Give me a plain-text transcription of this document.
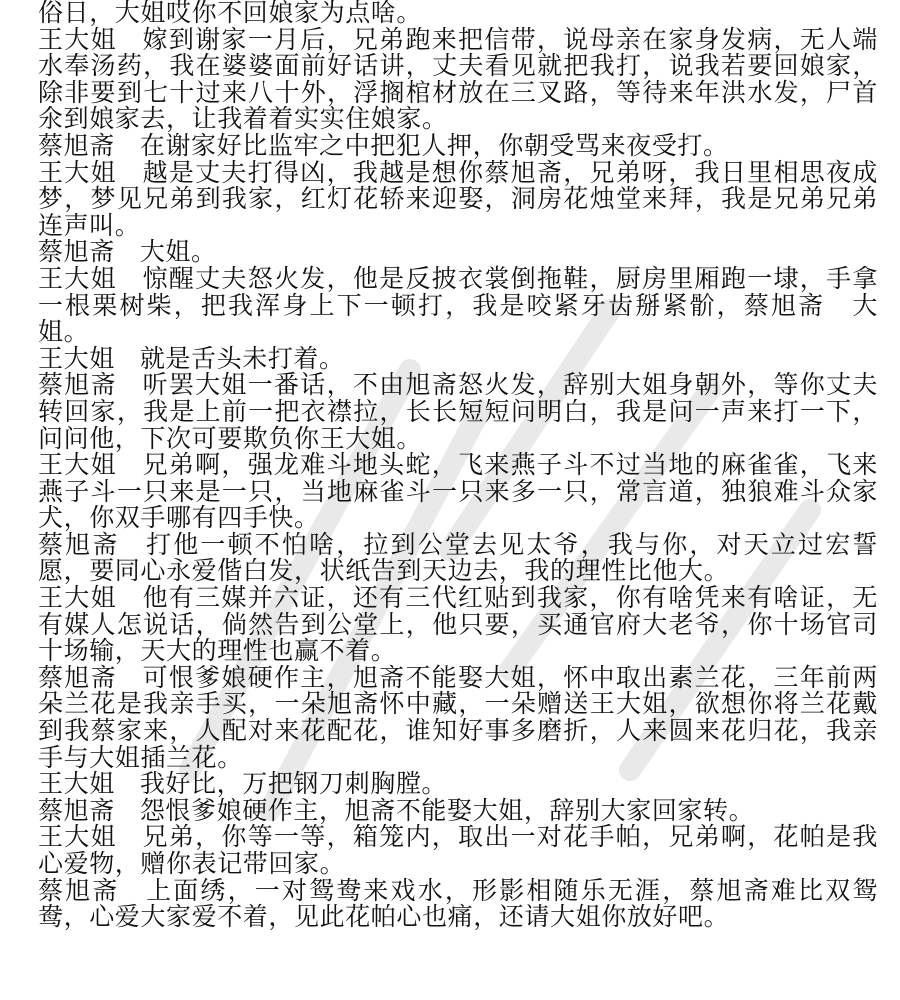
俗日，大姐哎你不回娘家为点啥。

王大姐 嫁到谢家一月后，兄弟跑来把信带，说母亲在家身发病，无人端水奉汤药，我在婆婆面前好话讲，丈夫看见就把我打，说我若要回娘家，除非要到七十过来八十外，浮搁棺材放在三叉路，等待来年洪水发，尸首氽到娘家去，让我着着实实住娘家。

蔡旭斋 在谢家好比监牢之中把犯人押，你朝受骂来夜受打。

王大姐 越是丈夫打得凶，我越是想你蔡旭斋，兄弟呀，我日里相思夜成梦，梦见兄弟到我家，红灯花轿来迎娶，洞房花烛堂来拜，我是兄弟兄弟连声叫。

蔡旭斋 大姐。

王大姐 惊醒丈夫怒火发，他是反披衣裳倒拖鞋，厨房里厢跑一埭，手拿一根栗树柴，把我浑身上下一顿打，我是咬紧牙齿掰紧骱，蔡旭斋　大姐。

王大姐 就是舌头未打着。

蔡旭斋 听罢大姐一番话，不由旭斋怒火发，辞别大姐身朝外，等你丈夫转回家，我是上前一把衣襟拉，长长短短问明白，我是问一声来打一下，问问他，下次可要欺负你王大姐。

王大姐 兄弟啊，强龙难斗地头蛇，飞来燕子斗不过当地的麻雀雀，飞来燕子斗一只来是一只，当地麻雀斗一只来多一只，常言道，独狼难斗众家犬，你双手哪有四手快。

蔡旭斋 打他一顿不怕啥，拉到公堂去见太爷，我与你，对天立过宏誓愿，要同心永爱偕白发，状纸告到天边去，我的理性比他大。

王大姐 他有三媒并六证，还有三代红贴到我家，你有啥凭来有啥证，无有媒人怎说话，倘然告到公堂上，他只要，买通官府大老爷，你十场官司十场输，天大的理性也赢不着。

蔡旭斋 可恨爹娘硬作主，旭斋不能娶大姐，怀中取出素兰花，三年前两朵兰花是我亲手买，一朵旭斋怀中藏，一朵赠送王大姐，欲想你将兰花戴到我蔡家来，人配对来花配花，谁知好事多磨折，人来圆来花归花，我亲手与大姐插兰花。

王大姐 我好比，万把钢刀刺胸膛。

蔡旭斋 怨恨爹娘硬作主，旭斋不能娶大姐，辞别大家回家转。

王大姐 兄弟，你等一等，箱笼内，取出一对花手帕，兄弟啊，花帕是我心爱物，赠你表记带回家。

蔡旭斋 上面绣，一对鸳鸯来戏水，形影相随乐无涯，蔡旭斋难比双鸳鸯，心爱大家爱不着，见此花帕心也痛，还请大姐你放好吧。
